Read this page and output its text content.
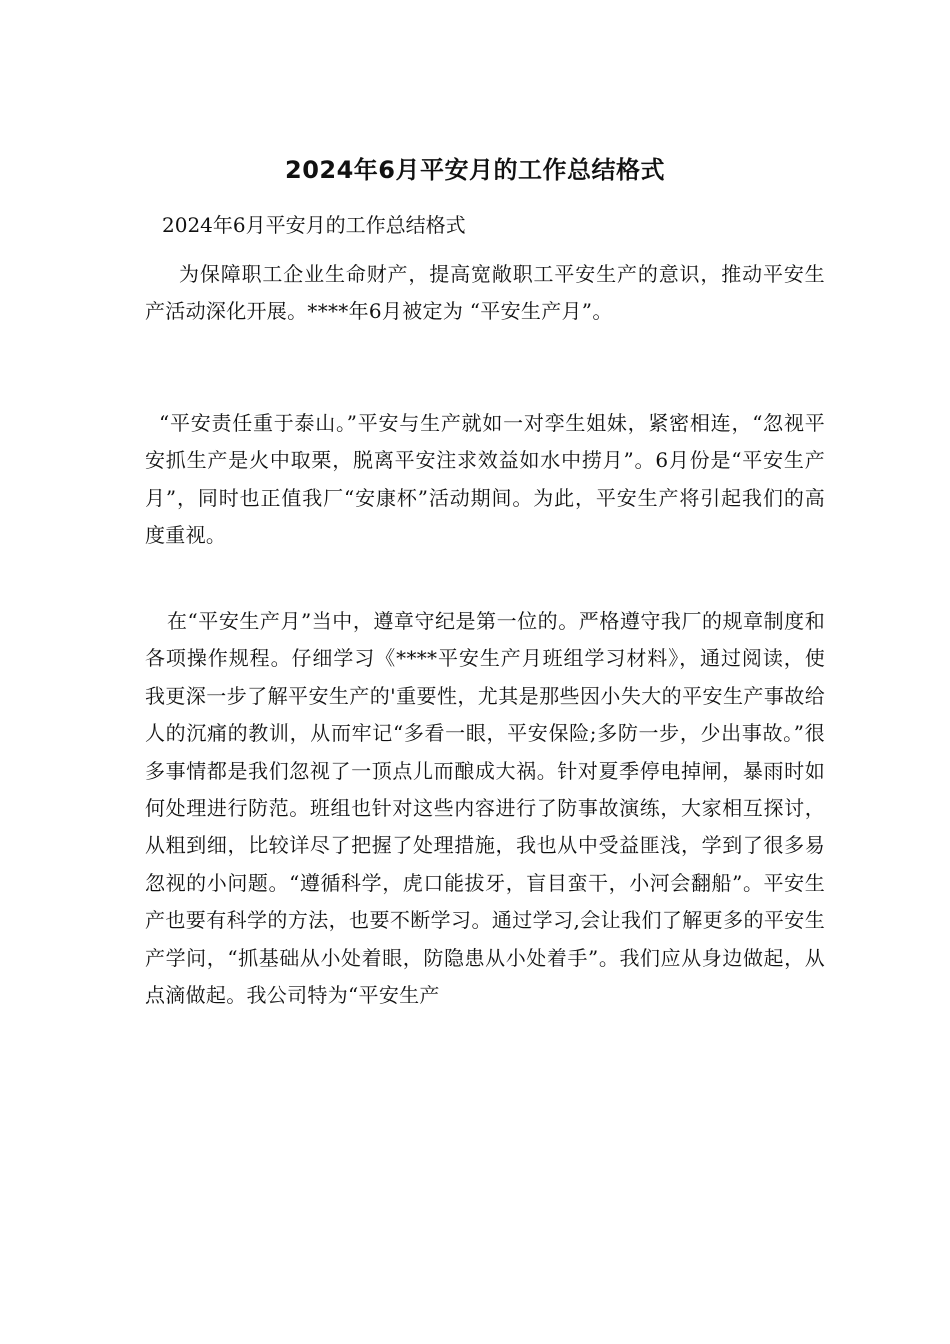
2024年6月平安月的工作总结格式

2024年6月平安月的工作总结格式

为保障职工企业生命财产，提高宽敞职工平安生产的意识，推动平安生产活动深化开展。****年6月被定为 “平安生产月”。

“平安责任重于泰山。”平安与生产就如一对孪生姐妹，紧密相连，“忽视平安抓生产是火中取栗，脱离平安注求效益如水中捞月”。6月份是“平安生产月”，同时也正值我厂“安康杯”活动期间。为此，平安生产将引起我们的高度重视。

在“平安生产月”当中，遵章守纪是第一位的。严格遵守我厂的规章制度和各项操作规程。仔细学习《****平安生产月班组学习材料》，通过阅读，使我更深一步了解平安生产的'重要性，尤其是那些因小失大的平安生产事故给人的沉痛的教训，从而牢记“多看一眼，平安保险;多防一步，少出事故。”很多事情都是我们忽视了一顶点儿而酿成大祸。针对夏季停电掉闸，暴雨时如何处理进行防范。班组也针对这些内容进行了防事故演练，大家相互探讨，从粗到细，比较详尽了把握了处理措施，我也从中受益匪浅，学到了很多易忽视的小问题。“遵循科学，虎口能拔牙，盲目蛮干，小河会翻船”。平安生产也要有科学的方法，也要不断学习。通过学习,会让我们了解更多的平安生产学问，“抓基础从小处着眼，防隐患从小处着手”。我们应从身边做起，从点滴做起。我公司特为“平安生产
